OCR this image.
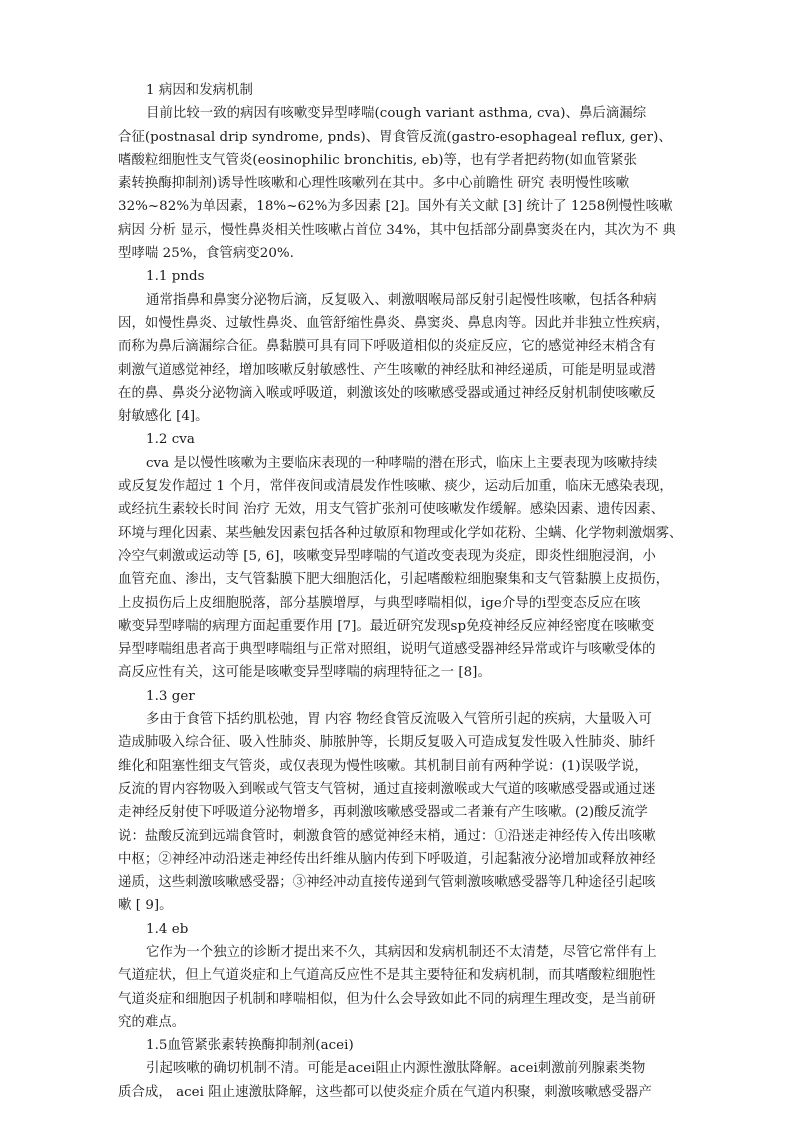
1 病因和发病机制
目前比较一致的病因有咳嗽变异型哮喘(cough variant asthma, cva)、鼻后滴漏综
合征(postnasal drip syndrome, pnds)、胃食管反流(gastro-esophageal reflux, ger)、
嗜酸粒细胞性支气管炎(eosinophilic bronchitis, eb)等，也有学者把药物(如血管紧张
素转换酶抑制剂)诱导性咳嗽和心理性咳嗽列在其中。多中心前瞻性 研究 表明慢性咳嗽
32%~82%为单因素，18%~62%为多因素 [2]。国外有关文献 [3] 统计了 1258例慢性咳嗽
病因 分析 显示，慢性鼻炎相关性咳嗽占首位 34%，其中包括部分副鼻窦炎在内，其次为不 典
型哮喘 25%，食管病变20%.
1.1 pnds
通常指鼻和鼻窦分泌物后滴，反复吸入、刺激咽喉局部反射引起慢性咳嗽，包括各种病
因，如慢性鼻炎、过敏性鼻炎、血管舒缩性鼻炎、鼻窦炎、鼻息肉等。因此并非独立性疾病，
而称为鼻后滴漏综合征。鼻黏膜可具有同下呼吸道相似的炎症反应，它的感觉神经末梢含有
刺激气道感觉神经，增加咳嗽反射敏感性、产生咳嗽的神经肽和神经递质，可能是明显或潜
在的鼻、鼻炎分泌物滴入喉或呼吸道，刺激该处的咳嗽感受器或通过神经反射机制使咳嗽反
射敏感化 [4]。
1.2 cva
cva 是以慢性咳嗽为主要临床表现的一种哮喘的潜在形式，临床上主要表现为咳嗽持续
或反复发作超过 1 个月，常伴夜间或清晨发作性咳嗽、痰少，运动后加重，临床无感染表现，
或经抗生素较长时间 治疗 无效，用支气管扩张剂可使咳嗽发作缓解。感染因素、遗传因素、
环境与理化因素、某些触发因素包括各种过敏原和物理或化学如花粉、尘螨、化学物刺激烟雾、
冷空气刺激或运动等 [5, 6]，咳嗽变异型哮喘的气道改变表现为炎症，即炎性细胞浸润，小
血管充血、渗出，支气管黏膜下肥大细胞活化，引起嗜酸粒细胞聚集和支气管黏膜上皮损伤，
上皮损伤后上皮细胞脱落，部分基膜增厚，与典型哮喘相似，ige介导的i型变态反应在咳
嗽变异型哮喘的病理方面起重要作用 [7]。最近研究发现sp免疫神经反应神经密度在咳嗽变
异型哮喘组患者高于典型哮喘组与正常对照组，说明气道感受器神经异常或许与咳嗽受体的
高反应性有关，这可能是咳嗽变异型哮喘的病理特征之一 [8]。
1.3 ger
多由于食管下括约肌松弛，胃 内容 物经食管反流吸入气管所引起的疾病，大量吸入可
造成肺吸入综合征、吸入性肺炎、肺脓肿等，长期反复吸入可造成复发性吸入性肺炎、肺纤
维化和阻塞性细支气管炎，或仅表现为慢性咳嗽。其机制目前有两种学说：(1)误吸学说，
反流的胃内容物吸入到喉或气管支气管树，通过直接刺激喉或大气道的咳嗽感受器或通过迷
走神经反射使下呼吸道分泌物增多，再刺激咳嗽感受器或二者兼有产生咳嗽。(2)酸反流学
说：盐酸反流到远端食管时，刺激食管的感觉神经末梢，通过：①沿迷走神经传入传出咳嗽
中枢；②神经冲动沿迷走神经传出纤维从脑内传到下呼吸道，引起黏液分泌增加或释放神经
递质，这些刺激咳嗽感受器；③神经冲动直接传递到气管刺激咳嗽感受器等几种途径引起咳
嗽 [ 9]。
1.4 eb
它作为一个独立的诊断才提出来不久，其病因和发病机制还不太清楚，尽管它常伴有上
气道症状，但上气道炎症和上气道高反应性不是其主要特征和发病机制，而其嗜酸粒细胞性
气道炎症和细胞因子机制和哮喘相似，但为什么会导致如此不同的病理生理改变，是当前研
究的难点。
1.5血管紧张素转换酶抑制剂(acei)
引起咳嗽的确切机制不清。可能是acei阻止内源性激肽降解。acei刺激前列腺素类物
质合成， acei 阻止速激肽降解，这些都可以使炎症介质在气道内积聚，刺激咳嗽感受器产
